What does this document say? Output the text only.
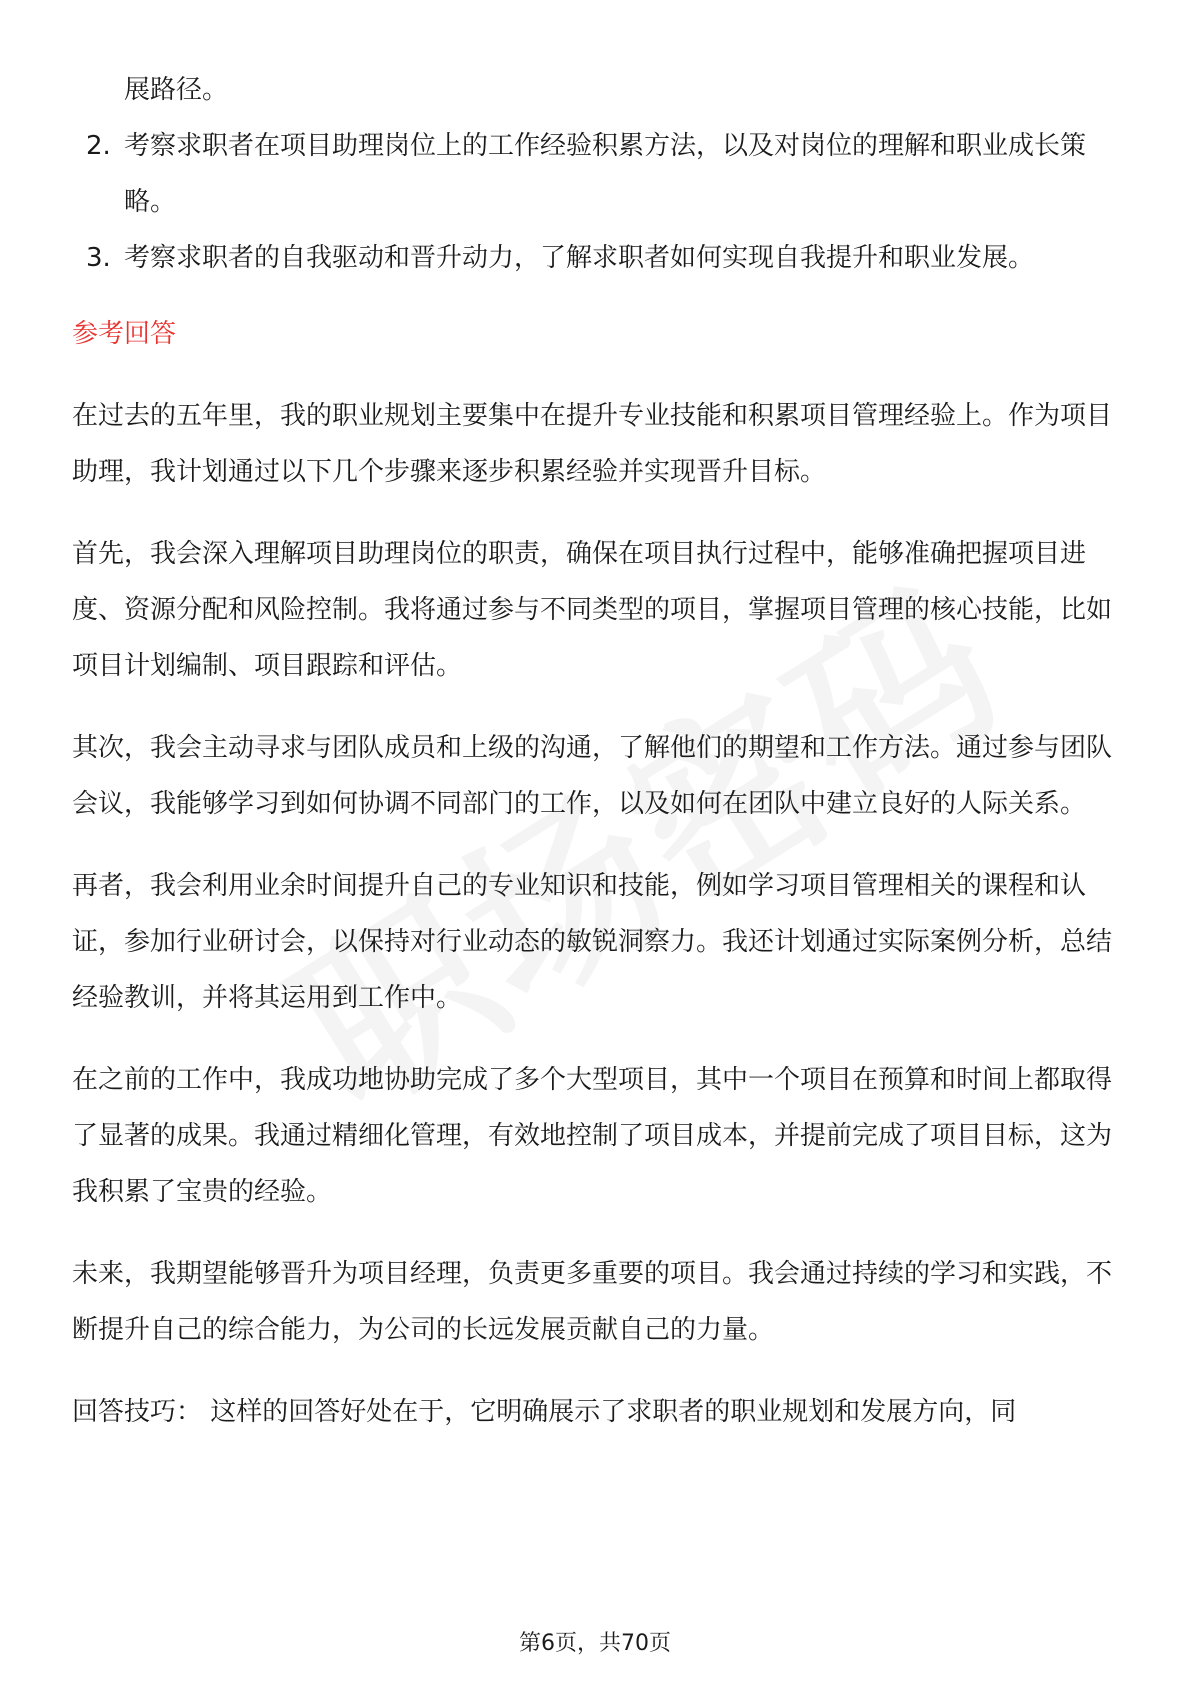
展路径。
2. 考察求职者在项目助理岗位上的工作经验积累方法，以及对岗位的理解和职业成长策略。
3. 考察求职者的自我驱动和晋升动力，了解求职者如何实现自我提升和职业发展。
参考回答

在过去的五年里，我的职业规划主要集中在提升专业技能和积累项目管理经验上。作为项目助理，我计划通过以下几个步骤来逐步积累经验并实现晋升目标。

首先，我会深入理解项目助理岗位的职责，确保在项目执行过程中，能够准确把握项目进度、资源分配和风险控制。我将通过参与不同类型的项目，掌握项目管理的核心技能，比如项目计划编制、项目跟踪和评估。

其次，我会主动寻求与团队成员和上级的沟通，了解他们的期望和工作方法。通过参与团队会议，我能够学习到如何协调不同部门的工作，以及如何在团队中建立良好的人际关系。

再者，我会利用业余时间提升自己的专业知识和技能，例如学习项目管理相关的课程和认证，参加行业研讨会，以保持对行业动态的敏锐洞察力。我还计划通过实际案例分析，总结经验教训，并将其运用到工作中。

在之前的工作中，我成功地协助完成了多个大型项目，其中一个项目在预算和时间上都取得了显著的成果。我通过精细化管理，有效地控制了项目成本，并提前完成了项目目标，这为我积累了宝贵的经验。

未来，我期望能够晋升为项目经理，负责更多重要的项目。我会通过持续的学习和实践，不断提升自己的综合能力，为公司的长远发展贡献自己的力量。

回答技巧： 这样的回答好处在于，它明确展示了求职者的职业规划和发展方向，同

第6页，共70页
